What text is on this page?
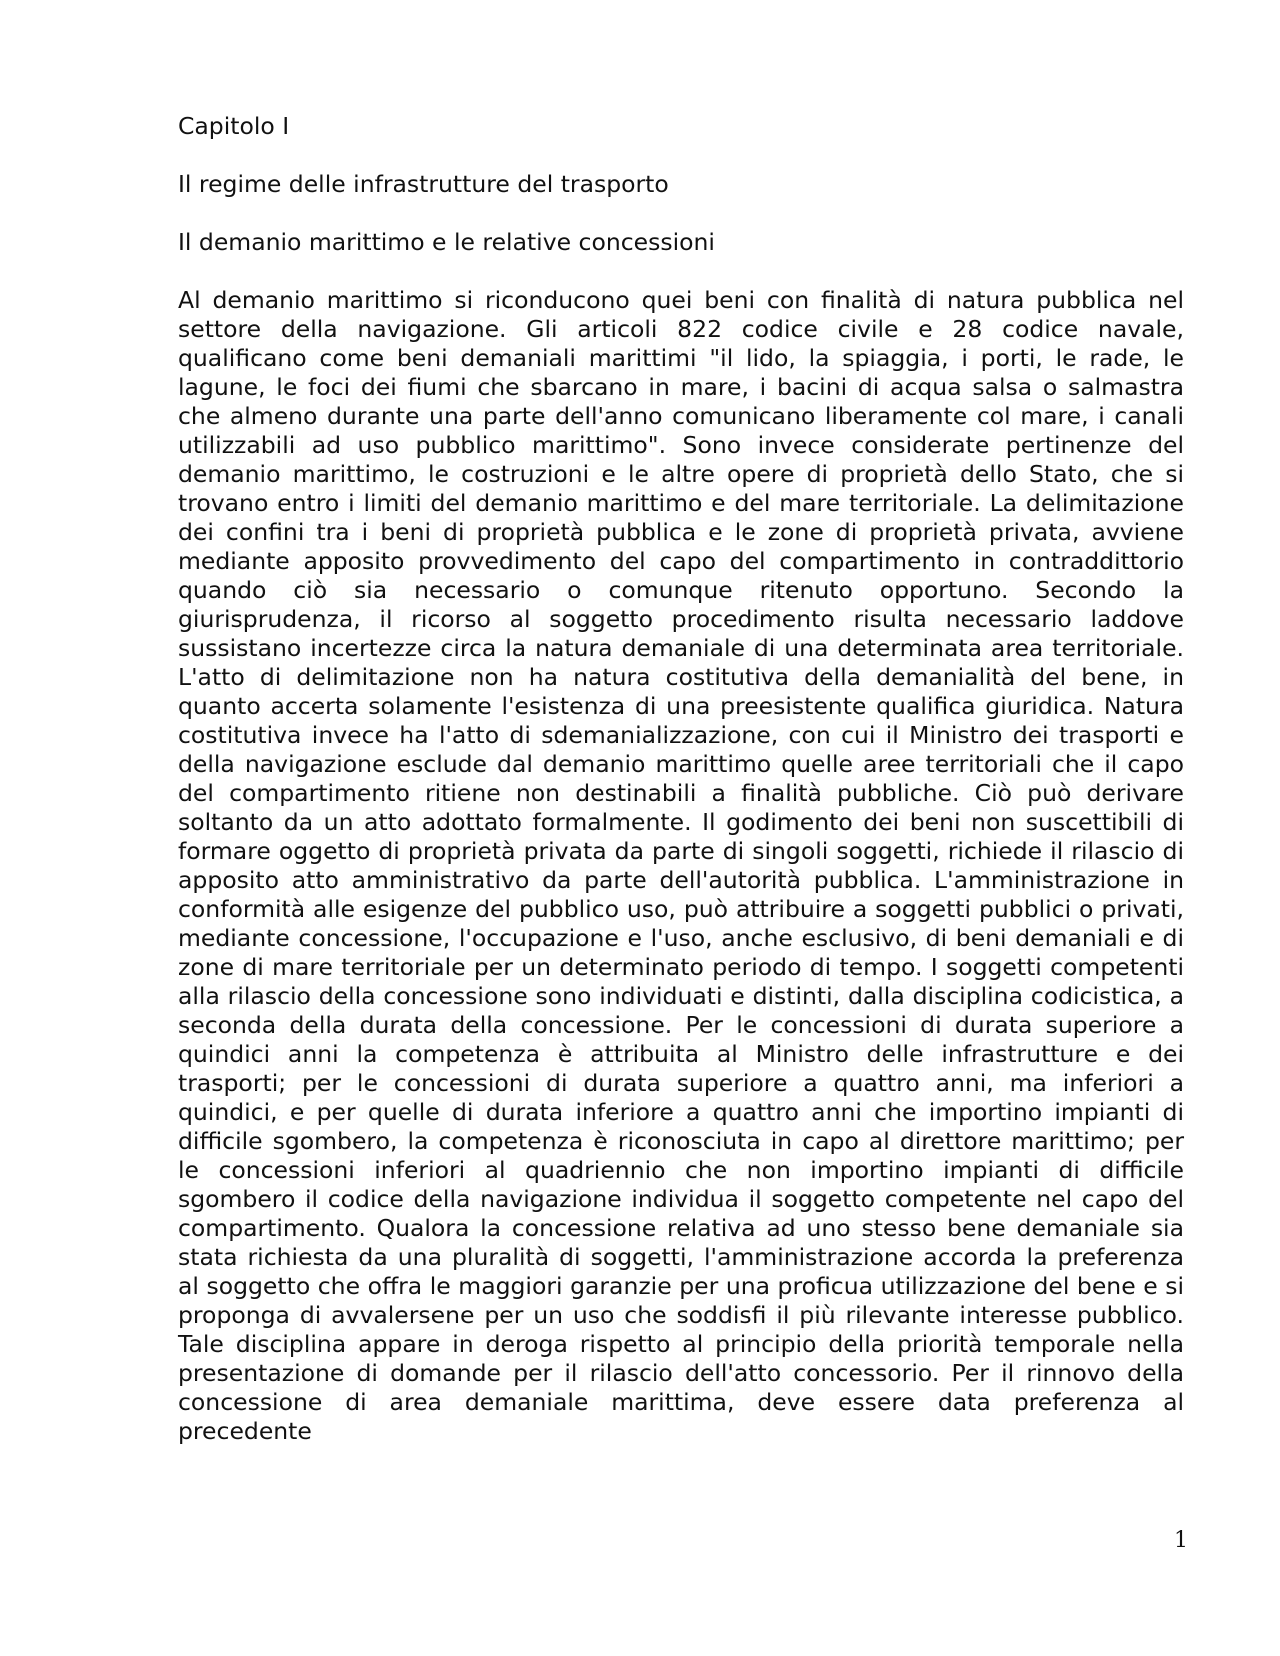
Capitolo I

Il regime delle infrastrutture del trasporto

Il demanio marittimo e le relative concessioni

Al demanio marittimo si riconducono quei beni con finalità di natura pubblica nel settore della navigazione. Gli articoli 822 codice civile e 28 codice navale, qualificano come beni demaniali marittimi "il lido, la spiaggia, i porti, le rade, le lagune, le foci dei fiumi che sbarcano in mare, i bacini di acqua salsa o salmastra che almeno durante una parte dell'anno comunicano liberamente col mare, i canali utilizzabili ad uso pubblico marittimo". Sono invece considerate pertinenze del demanio marittimo, le costruzioni e le altre opere di proprietà dello Stato, che si trovano entro i limiti del demanio marittimo e del mare territoriale. La delimitazione dei confini tra i beni di proprietà pubblica e le zone di proprietà privata, avviene mediante apposito provvedimento del capo del compartimento in contraddittorio quando ciò sia necessario o comunque ritenuto opportuno. Secondo la giurisprudenza, il ricorso al soggetto procedimento risulta necessario laddove sussistano incertezze circa la natura demaniale di una determinata area territoriale. L'atto di delimitazione non ha natura costitutiva della demanialità del bene, in quanto accerta solamente l'esistenza di una preesistente qualifica giuridica. Natura costitutiva invece ha l'atto di sdemanializzazione, con cui il Ministro dei trasporti e della navigazione esclude dal demanio marittimo quelle aree territoriali che il capo del compartimento ritiene non destinabili a finalità pubbliche. Ciò può derivare soltanto da un atto adottato formalmente. Il godimento dei beni non suscettibili di formare oggetto di proprietà privata da parte di singoli soggetti, richiede il rilascio di apposito atto amministrativo da parte dell'autorità pubblica. L'amministrazione in conformità alle esigenze del pubblico uso, può attribuire a soggetti pubblici o privati, mediante concessione, l'occupazione e l'uso, anche esclusivo, di beni demaniali e di zone di mare territoriale per un determinato periodo di tempo. I soggetti competenti alla rilascio della concessione sono individuati e distinti, dalla disciplina codicistica, a seconda della durata della concessione. Per le concessioni di durata superiore a quindici anni la competenza è attribuita al Ministro delle infrastrutture e dei trasporti; per le concessioni di durata superiore a quattro anni, ma inferiori a quindici, e per quelle di durata inferiore a quattro anni che importino impianti di difficile sgombero, la competenza è riconosciuta in capo al direttore marittimo; per le concessioni inferiori al quadriennio che non importino impianti di difficile sgombero il codice della navigazione individua il soggetto competente nel capo del compartimento. Qualora la concessione relativa ad uno stesso bene demaniale sia stata richiesta da una pluralità di soggetti, l'amministrazione accorda la preferenza al soggetto che offra le maggiori garanzie per una proficua utilizzazione del bene e si proponga di avvalersene per un uso che soddisfi il più rilevante interesse pubblico. Tale disciplina appare in deroga rispetto al principio della priorità temporale nella presentazione di domande per il rilascio dell'atto concessorio. Per il rinnovo della concessione di area demaniale marittima, deve essere data preferenza al precedente

1
